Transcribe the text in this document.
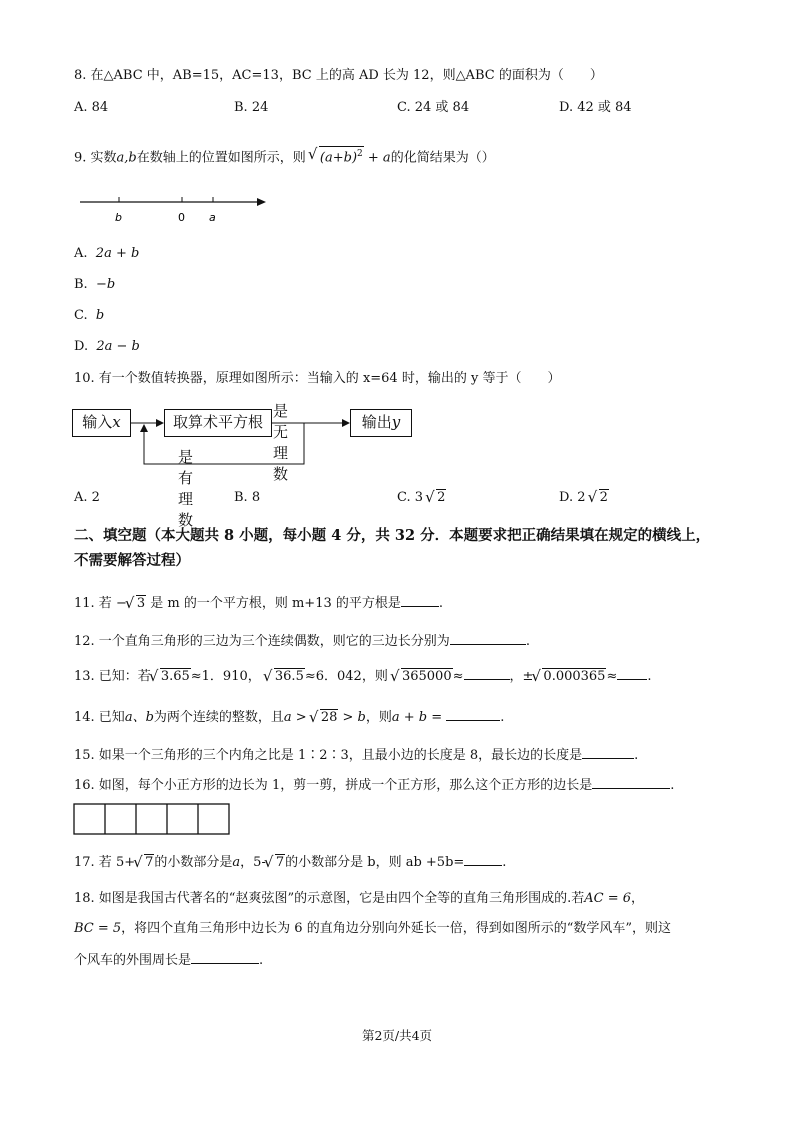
8. 在△ABC 中，AB=15，AC=13，BC 上的高 AD 长为 12，则△ABC 的面积为（　　）
A. 84	B. 24	C. 24 或 84	D. 42 或 84
9. 实数a,b在数轴上的位置如图所示，则 √ $(a+b)^2 + a$的化简结果为（）
b	0 a
A. 2a + b
B. −b
C. b
D. 2a − b
10. 有一个数值转换器，原理如图所示：当输入的 x=64 时，输出的 y 等于（　　）
输入x	取算术平方根	输出y
是无理数
是有理数
A. 2	B. 8	C. 3 √ 2	D. 2 √ 2
二、填空题（本大题共 8 小题，每小题 4 分，共 32 分．本题要求把正确结果填在规定的横线上，不需要解答过程）
11. 若 − √ 3 是 m 的一个平方根，则 m+13 的平方根是	.
12. 一个直角三角形的三边为三个连续偶数，则它的三边长分别为	.
13. 已知：若 √ 3.65≈1．910， √ 36.5≈6．042，则 √ 365000≈	，± √ 0.000365≈ .
14. 已知a、b为两个连续的整数，且a > √ 28 > b，则a + b =	.
15. 如果一个三角形的三个内角之比是 1∶2∶3，且最小边的长度是 8，最长边的长度是	.
16. 如图，每个小正方形的边长为 1，剪一剪，拼成一个正方形，那么这个正方形的边长是	.
17. 若 5+ √ 7的小数部分是a，5- √ 7的小数部分是 b，则 ab +5b=	.
18. 如图是我国古代著名的“赵爽弦图”的示意图，它是由四个全等的直角三角形围成的.若AC = 6，
BC = 5，将四个直角三角形中边长为 6 的直角边分别向外延长一倍，得到如图所示的“数学风车”，则这
个风车的外围周长是	.
第2页/共4页
